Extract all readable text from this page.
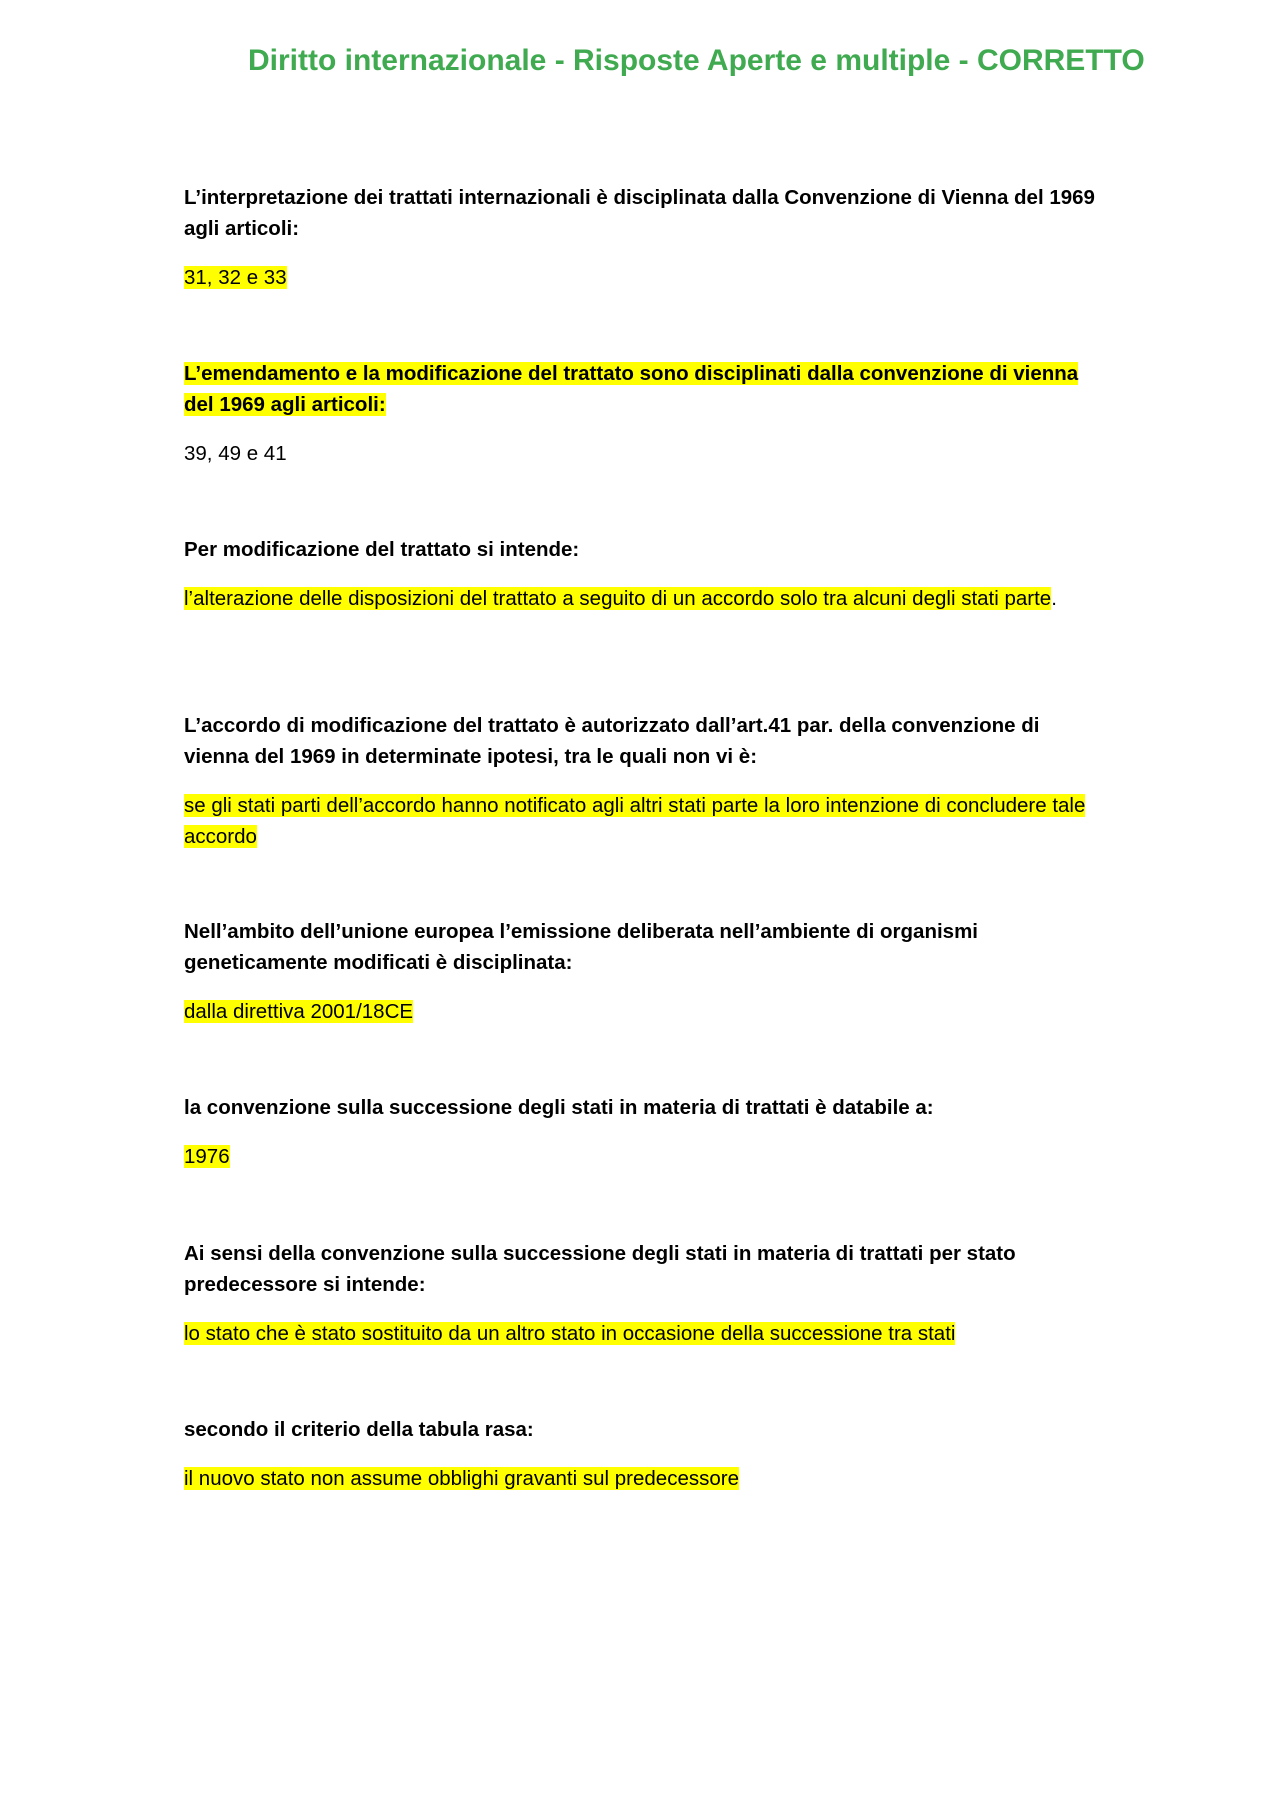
Diritto internazionale - Risposte Aperte e multiple - CORRETTO

L’interpretazione dei trattati internazionali è disciplinata dalla Convenzione di Vienna del 1969 agli articoli:

31, 32 e 33

L’emendamento e la modificazione del trattato sono disciplinati dalla convenzione di vienna del 1969 agli articoli:

39, 49 e 41

Per modificazione del trattato si intende:

l’alterazione delle disposizioni del trattato a seguito di un accordo solo tra alcuni degli stati parte.

L’accordo di modificazione del trattato è autorizzato dall’art.41 par. della convenzione di vienna del 1969 in determinate ipotesi, tra le quali non vi è:

se gli stati parti dell’accordo hanno notificato agli altri stati parte la loro intenzione di concludere tale accordo

Nell’ambito dell’unione europea l’emissione deliberata nell’ambiente di organismi geneticamente modificati è disciplinata:

dalla direttiva 2001/18CE

la convenzione sulla successione degli stati in materia di trattati è databile a:

1976

Ai sensi della convenzione sulla successione degli stati in materia di trattati per stato predecessore si intende:

lo stato che è stato sostituito da un altro stato in occasione della successione tra stati

secondo il criterio della tabula rasa:

il nuovo stato non assume obblighi gravanti sul predecessore
